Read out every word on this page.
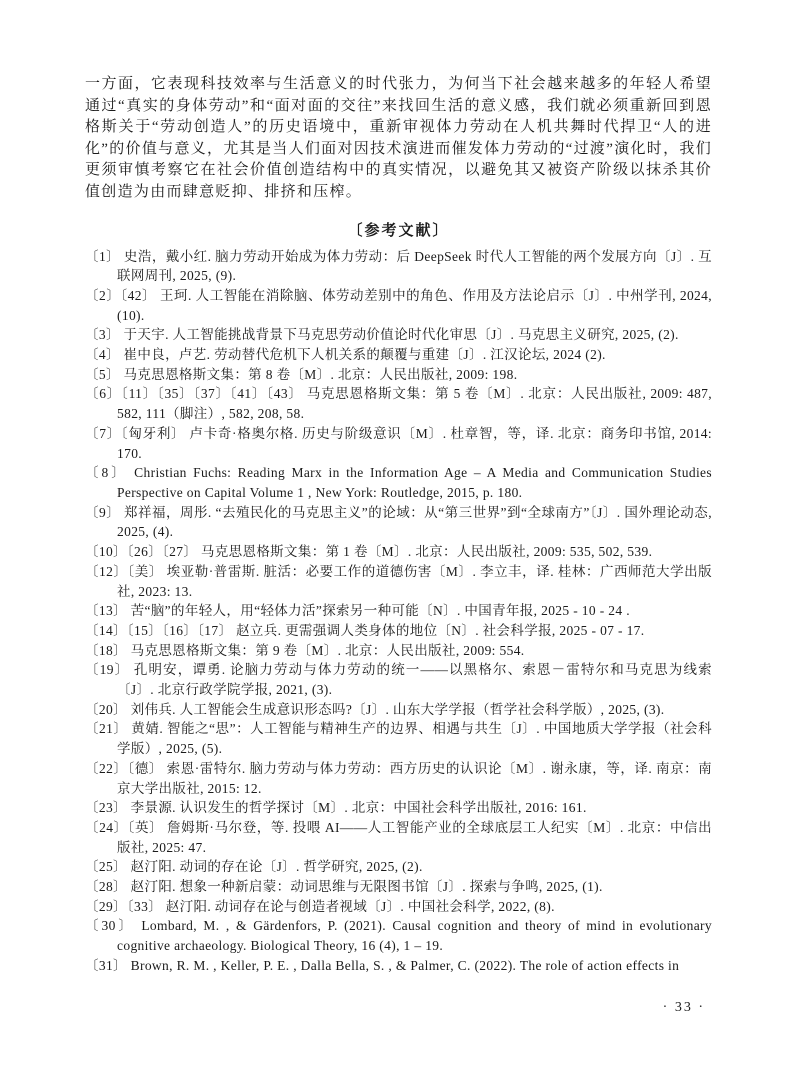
一方面，它表现科技效率与生活意义的时代张力，为何当下社会越来越多的年轻人希望通过“真实的身体劳动”和“面对面的交往”来找回生活的意义感，我们就必须重新回到恩格斯关于“劳动创造人”的历史语境中，重新审视体力劳动在人机共舞时代捍卫“人的进化”的价值与意义，尤其是当人们面对因技术演进而催发体力劳动的“过渡”演化时，我们更须审慎考察它在社会价值创造结构中的真实情况，以避免其又被资产阶级以抹杀其价值创造为由而肆意贬抑、排挤和压榨。

〔参考文献〕

〔1〕 史浩，戴小红. 脑力劳动开始成为体力劳动：后 DeepSeek 时代人工智能的两个发展方向〔J〕. 互联网周刊, 2025, (9).

〔2〕〔42〕 王珂. 人工智能在消除脑、体劳动差别中的角色、作用及方法论启示〔J〕. 中州学刊, 2024, (10).

〔3〕 于天宇. 人工智能挑战背景下马克思劳动价值论时代化审思〔J〕. 马克思主义研究, 2025, (2).

〔4〕 崔中良，卢艺. 劳动替代危机下人机关系的颠覆与重建〔J〕. 江汉论坛, 2024 (2).

〔5〕 马克思恩格斯文集：第 8 卷〔M〕. 北京：人民出版社, 2009: 198.

〔6〕〔11〕〔35〕〔37〕〔41〕〔43〕 马克思恩格斯文集：第 5 卷〔M〕. 北京：人民出版社, 2009: 487, 582, 111（脚注）, 582, 208, 58.

〔7〕〔匈牙利〕 卢卡奇·格奥尔格. 历史与阶级意识〔M〕. 杜章智，等，译. 北京：商务印书馆, 2014: 170.

〔8〕 Christian Fuchs: Reading Marx in the Information Age – A Media and Communication Studies Perspective on Capital Volume 1 , New York: Routledge, 2015, p. 180.

〔9〕 郑祥福，周彤. “去殖民化的马克思主义”的论域：从“第三世界”到“全球南方”〔J〕. 国外理论动态, 2025, (4).

〔10〕〔26〕〔27〕 马克思恩格斯文集：第 1 卷〔M〕. 北京：人民出版社, 2009: 535, 502, 539.

〔12〕〔美〕 埃亚勒·普雷斯. 脏活：必要工作的道德伤害〔M〕. 李立丰，译. 桂林：广西师范大学出版社, 2023: 13.

〔13〕 苦“脑”的年轻人，用“轻体力活”探索另一种可能〔N〕. 中国青年报, 2025 - 10 - 24 .

〔14〕〔15〕〔16〕〔17〕 赵立兵. 更需强调人类身体的地位〔N〕. 社会科学报, 2025 - 07 - 17.

〔18〕 马克思恩格斯文集：第 9 卷〔M〕. 北京：人民出版社, 2009: 554.

〔19〕 孔明安，谭勇. 论脑力劳动与体力劳动的统一——以黑格尔、索恩－雷特尔和马克思为线索〔J〕. 北京行政学院学报, 2021, (3).

〔20〕 刘伟兵. 人工智能会生成意识形态吗?〔J〕. 山东大学学报（哲学社会科学版）, 2025, (3).

〔21〕 黄婧. 智能之“思”：人工智能与精神生产的边界、相遇与共生〔J〕. 中国地质大学学报（社会科学版）, 2025, (5).

〔22〕〔德〕 索恩·雷特尔. 脑力劳动与体力劳动：西方历史的认识论〔M〕. 谢永康，等，译. 南京：南京大学出版社, 2015: 12.

〔23〕 李景源. 认识发生的哲学探讨〔M〕. 北京：中国社会科学出版社, 2016: 161.

〔24〕〔英〕 詹姆斯·马尔登，等. 投喂 AI——人工智能产业的全球底层工人纪实〔M〕. 北京：中信出版社, 2025: 47.

〔25〕 赵汀阳. 动词的存在论〔J〕. 哲学研究, 2025, (2).

〔28〕 赵汀阳. 想象一种新启蒙：动词思维与无限图书馆〔J〕. 探索与争鸣, 2025, (1).

〔29〕〔33〕 赵汀阳. 动词存在论与创造者视域〔J〕. 中国社会科学, 2022, (8).

〔30〕 Lombard, M. , & Gärdenfors, P. (2021). Causal cognition and theory of mind in evolutionary cognitive archaeology. Biological Theory, 16 (4), 1 – 19.

〔31〕 Brown, R. M. , Keller, P. E. , Dalla Bella, S. , & Palmer, C. (2022). The role of action effects in

· 33 ·
